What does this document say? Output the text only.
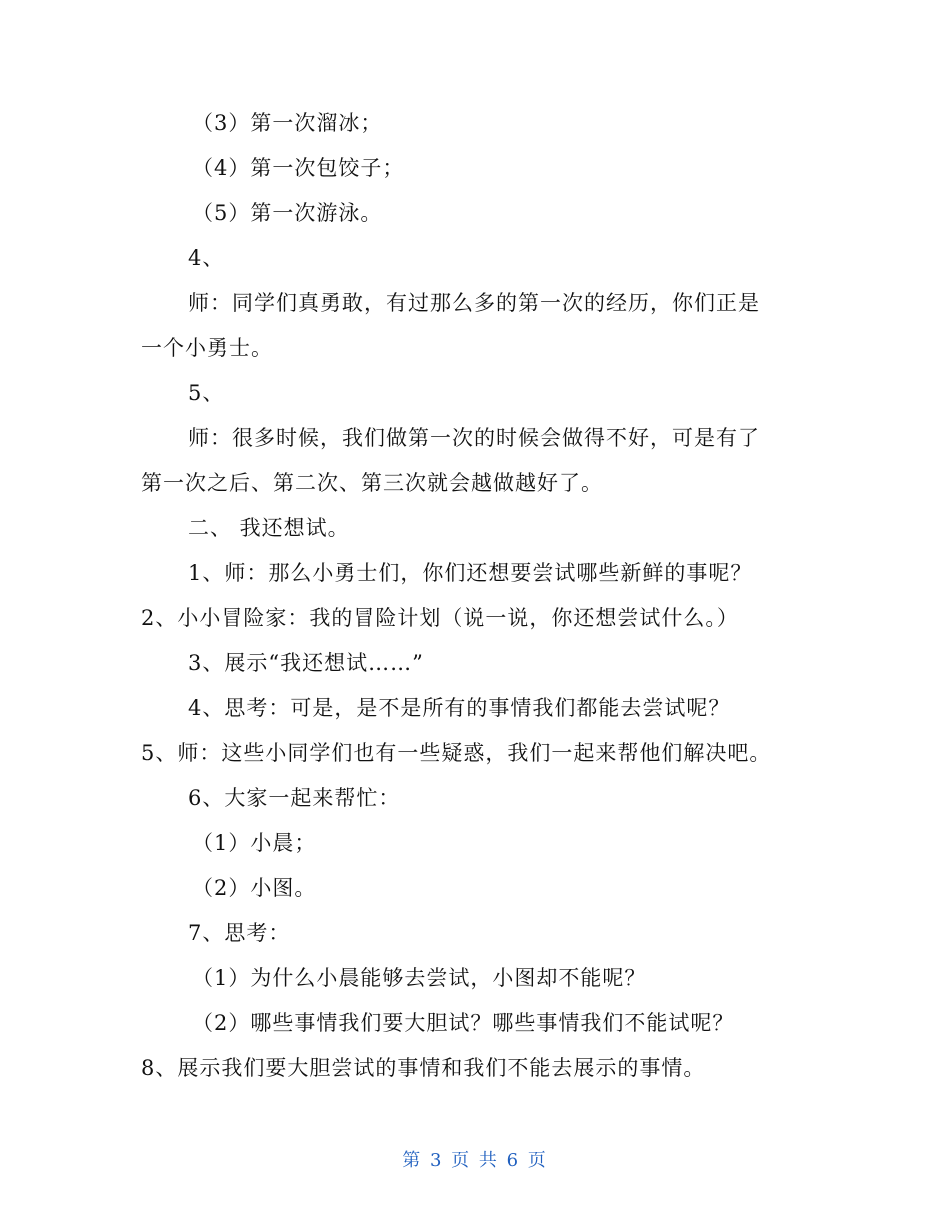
（3）第一次溜冰；
（4）第一次包饺子；
（5）第一次游泳。
4、
师：同学们真勇敢，有过那么多的第一次的经历，你们正是
一个小勇士。
5、
师：很多时候，我们做第一次的时候会做得不好，可是有了
第一次之后、第二次、第三次就会越做越好了。
二、 我还想试。
1、师：那么小勇士们，你们还想要尝试哪些新鲜的事呢？
2、小小冒险家：我的冒险计划（说一说，你还想尝试什么。）
3、展示“我还想试……”
4、思考：可是，是不是所有的事情我们都能去尝试呢？
5、师：这些小同学们也有一些疑惑，我们一起来帮他们解决吧。
6、大家一起来帮忙：
（1）小晨；
（2）小图。
7、思考：
（1）为什么小晨能够去尝试，小图却不能呢？
（2）哪些事情我们要大胆试？哪些事情我们不能试呢？
8、展示我们要大胆尝试的事情和我们不能去展示的事情。
第 3 页 共 6 页
